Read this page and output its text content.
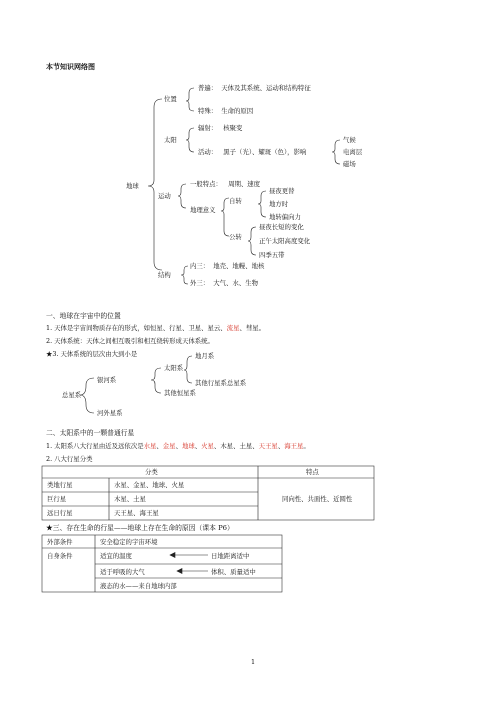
本节知识网络图
地球
位置
普遍： 天体及其系统、运动和结构特征
特殊： 生命的原因
太阳
辐射： 核聚变
活动： 黑子（光）、耀斑（色），影响
气候
电离层
磁场
运动
一般特点： 周期、速度
地理意义
自转
昼夜更替
地方时
地转偏向力
公转
昼夜长短的变化
正午太阳高度变化
四季五带
结构
内三： 地壳、地幔、地核
外三： 大气、水、生物
一、地球在宇宙中的位置
1. 天体是宇宙间物质存在的形式，如恒星、行星、卫星、星云、流星、彗星。
2. 天体系统：天体之间相互吸引和相互绕转形成天体系统。
★3. 天体系统的层次由大到小是
总星系
银河系
太阳系
地月系
其他行星系总星系
其他恒星系
河外星系
二、太阳系中的一颗普通行星
1. 太阳系八大行星由近及远依次是水星、金星、地球、火星、木星、土星、天王星、海王星。
2. 八大行星分类
分类	特点
类地行星	水星、金星、地球、火星
巨行星	木星、土星
远日行星	天王星、海王星
同向性、共面性、近圆性
★三、存在生命的行星——地球上存在生命的原因（课本 P6）
外部条件	安全稳定的宇宙环境
自身条件	适宜的温度	日地距离适中
适于呼吸的大气	体积、质量适中
液态的水——来自地球内部
1
